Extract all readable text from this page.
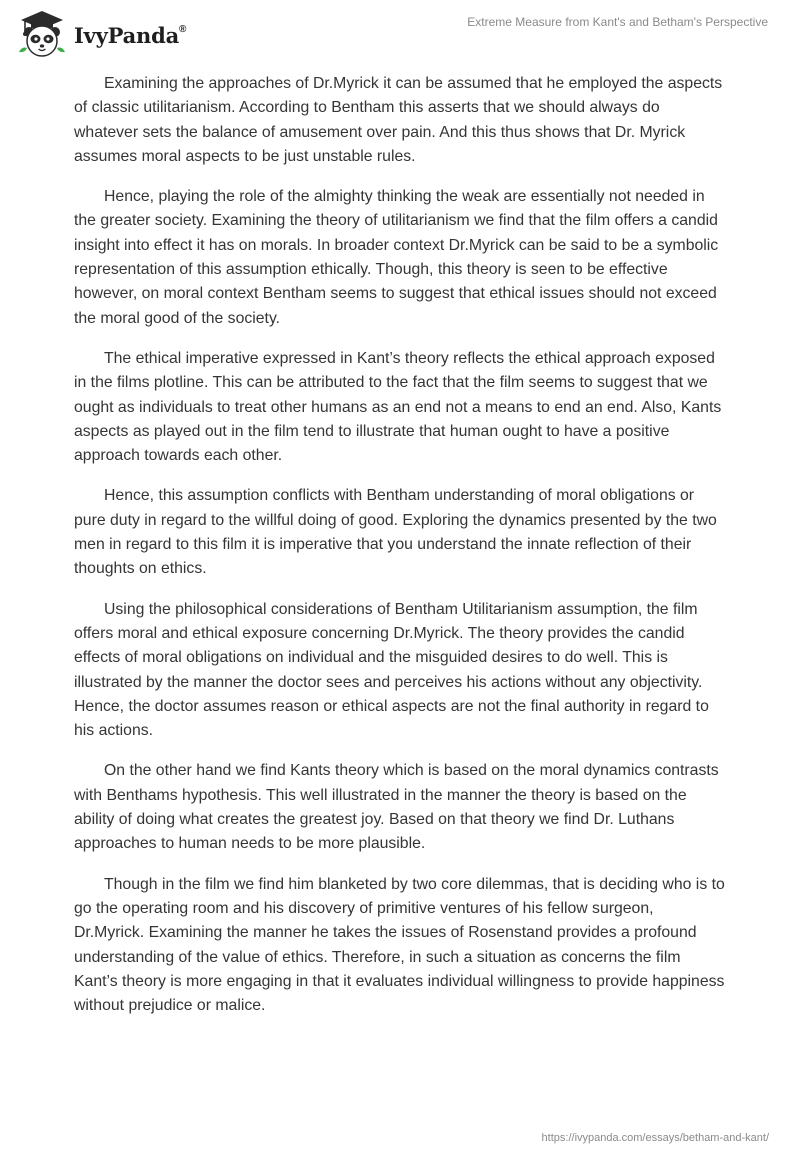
IvyPanda®	Extreme Measure from Kant's and Betham's Perspective

Examining the approaches of Dr.Myrick it can be assumed that he employed the aspects of classic utilitarianism. According to Bentham this asserts that we should always do whatever sets the balance of amusement over pain. And this thus shows that Dr. Myrick assumes moral aspects to be just unstable rules.

Hence, playing the role of the almighty thinking the weak are essentially not needed in the greater society. Examining the theory of utilitarianism we find that the film offers a candid insight into effect it has on morals. In broader context Dr.Myrick can be said to be a symbolic representation of this assumption ethically. Though, this theory is seen to be effective however, on moral context Bentham seems to suggest that ethical issues should not exceed the moral good of the society.

The ethical imperative expressed in Kant’s theory reflects the ethical approach exposed in the films plotline. This can be attributed to the fact that the film seems to suggest that we ought as individuals to treat other humans as an end not a means to end an end. Also, Kants aspects as played out in the film tend to illustrate that human ought to have a positive approach towards each other.

Hence, this assumption conflicts with Bentham understanding of moral obligations or pure duty in regard to the willful doing of good. Exploring the dynamics presented by the two men in regard to this film it is imperative that you understand the innate reflection of their thoughts on ethics.

Using the philosophical considerations of Bentham Utilitarianism assumption, the film offers moral and ethical exposure concerning Dr.Myrick. The theory provides the candid effects of moral obligations on individual and the misguided desires to do well. This is illustrated by the manner the doctor sees and perceives his actions without any objectivity. Hence, the doctor assumes reason or ethical aspects are not the final authority in regard to his actions.

On the other hand we find Kants theory which is based on the moral dynamics contrasts with Benthams hypothesis. This well illustrated in the manner the theory is based on the ability of doing what creates the greatest joy. Based on that theory we find Dr. Luthans approaches to human needs to be more plausible.

Though in the film we find him blanketed by two core dilemmas, that is deciding who is to go the operating room and his discovery of primitive ventures of his fellow surgeon, Dr.Myrick. Examining the manner he takes the issues of Rosenstand provides a profound understanding of the value of ethics. Therefore, in such a situation as concerns the film Kant’s theory is more engaging in that it evaluates individual willingness to provide happiness without prejudice or malice.

https://ivypanda.com/essays/betham-and-kant/
